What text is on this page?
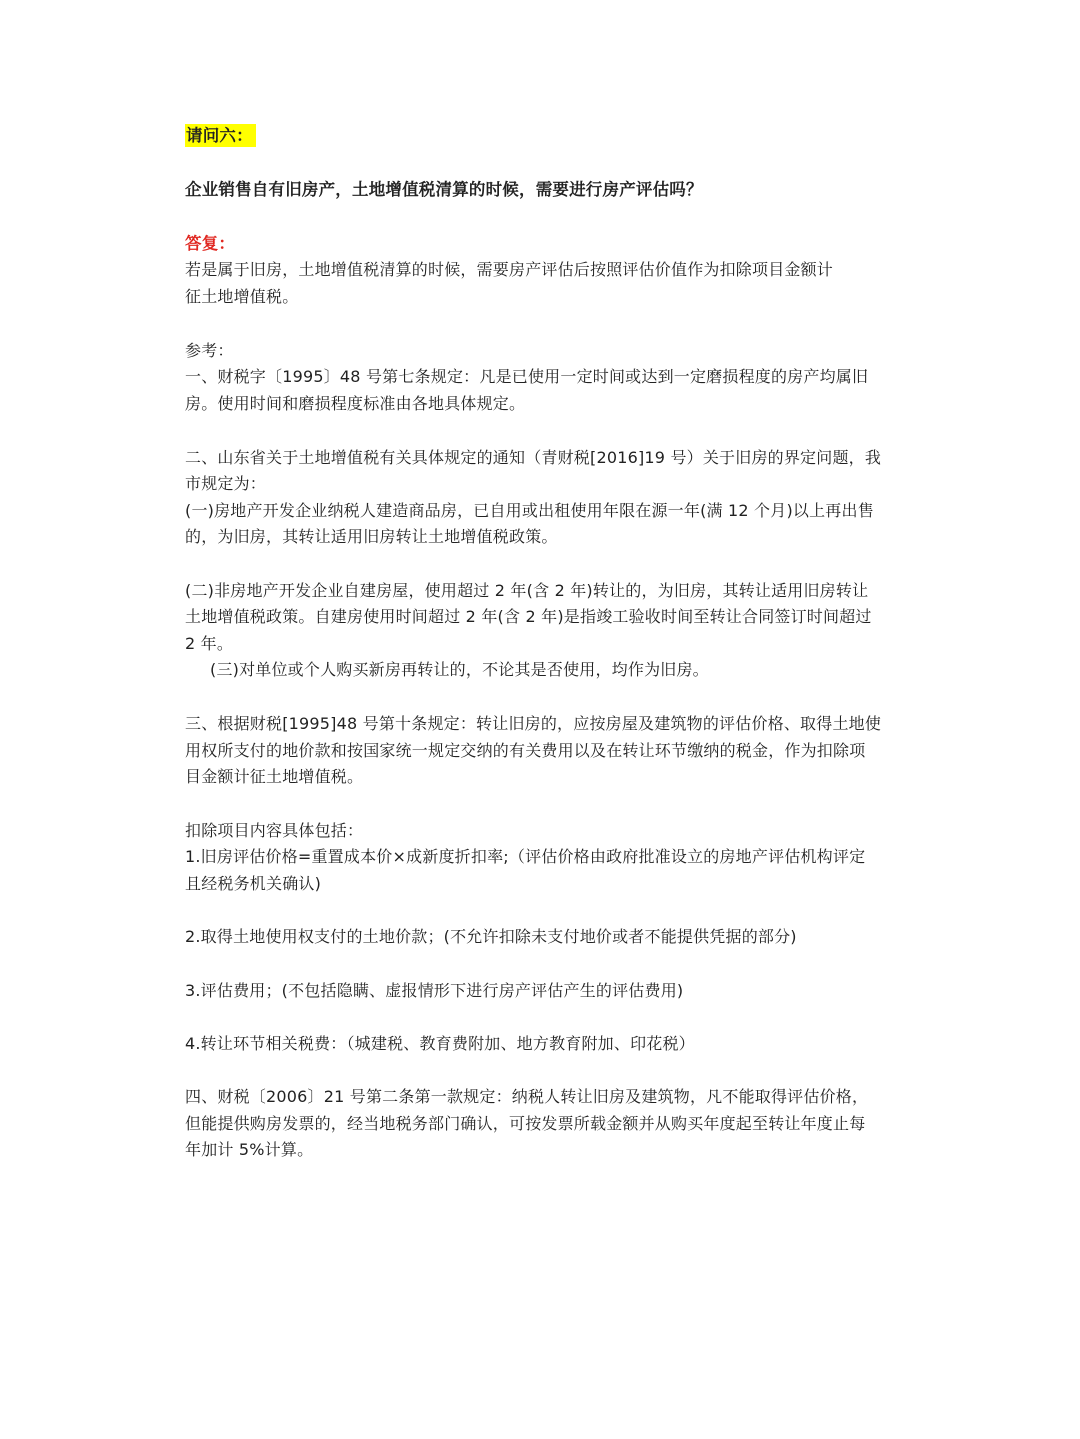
请问六：
企业销售自有旧房产，土地增值税清算的时候，需要进行房产评估吗？
答复：
若是属于旧房，土地增值税清算的时候，需要房产评估后按照评估价值作为扣除项目金额计
征土地增值税。
参考：
一、财税字〔1995〕48 号第七条规定：凡是已使用一定时间或达到一定磨损程度的房产均属旧
房。使用时间和磨损程度标准由各地具体规定。
二、山东省关于土地增值税有关具体规定的通知（青财税[2016]19 号）关于旧房的界定问题，我
市规定为：
(一)房地产开发企业纳税人建造商品房，已自用或出租使用年限在源一年(满 12 个月)以上再出售
的，为旧房，其转让适用旧房转让土地增值税政策。
(二)非房地产开发企业自建房屋，使用超过 2 年(含 2 年)转让的，为旧房，其转让适用旧房转让
土地增值税政策。自建房使用时间超过 2 年(含 2 年)是指竣工验收时间至转让合同签订时间超过
2 年。
(三)对单位或个人购买新房再转让的，不论其是否使用，均作为旧房。
三、根据财税[1995]48 号第十条规定：转让旧房的，应按房屋及建筑物的评估价格、取得土地使
用权所支付的地价款和按国家统一规定交纳的有关费用以及在转让环节缴纳的税金，作为扣除项
目金额计征土地增值税。
扣除项目内容具体包括：
1.旧房评估价格=重置成本价×成新度折扣率;（评估价格由政府批准设立的房地产评估机构评定
且经税务机关确认)
2.取得土地使用权支付的土地价款；(不允许扣除未支付地价或者不能提供凭据的部分)
3.评估费用；(不包括隐瞒、虚报情形下进行房产评估产生的评估费用)
4.转让环节相关税费：（城建税、教育费附加、地方教育附加、印花税）
四、财税〔2006〕21 号第二条第一款规定：纳税人转让旧房及建筑物，凡不能取得评估价格，
但能提供购房发票的，经当地税务部门确认，可按发票所载金额并从购买年度起至转让年度止每
年加计 5%计算。
